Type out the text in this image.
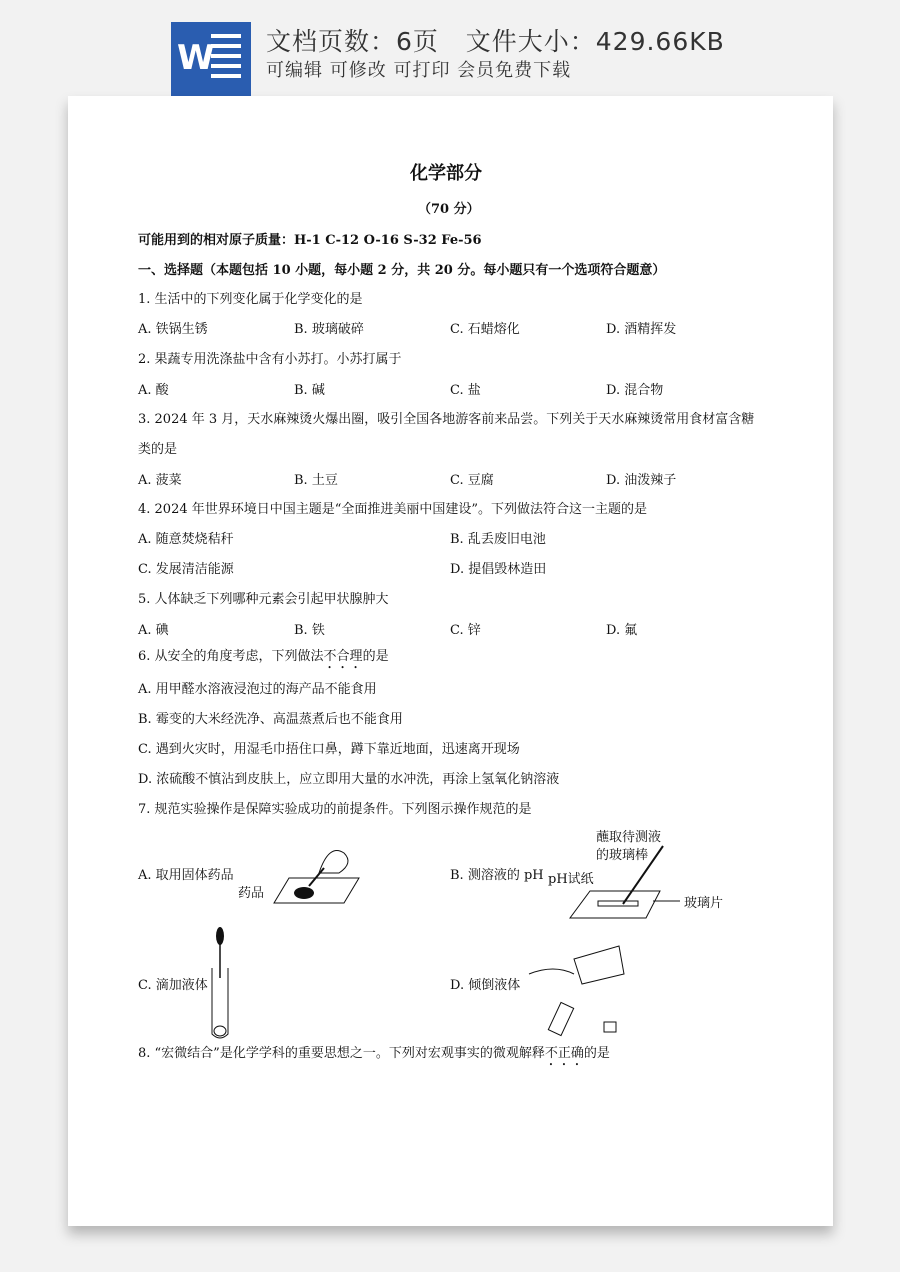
W 文档页数：6页 文件大小：429.66KB
可编辑 可修改 可打印 会员免费下载
化学部分
（70 分）
可能用到的相对原子质量：H-1 C-12 O-16 S-32 Fe-56
一、选择题（本题包括 10 小题，每小题 2 分，共 20 分。每小题只有一个选项符合题意）
1. 生活中的下列变化属于化学变化的是
A. 铁锅生锈	B. 玻璃破碎	C. 石蜡熔化	D. 酒精挥发
2. 果蔬专用洗涤盐中含有小苏打。小苏打属于
A. 酸	B. 碱	C. 盐	D. 混合物
3. 2024 年 3 月，天水麻辣烫火爆出圈，吸引全国各地游客前来品尝。下列关于天水麻辣烫常用食材富含糖
类的是
A. 菠菜	B. 土豆	C. 豆腐	D. 油泼辣子
4. 2024 年世界环境日中国主题是“全面推进美丽中国建设”。下列做法符合这一主题的是
A. 随意焚烧秸秆	B. 乱丢废旧电池
C. 发展清洁能源	D. 提倡毁林造田
5. 人体缺乏下列哪种元素会引起甲状腺肿大
A. 碘	B. 铁	C. 锌	D. 氟
6. 从安全的角度考虑，下列做法不合理的是
A. 用甲醛水溶液浸泡过的海产品不能食用
B. 霉变的大米经洗净、高温蒸煮后也不能食用
C. 遇到火灾时，用湿毛巾捂住口鼻，蹲下靠近地面，迅速离开现场
D. 浓硫酸不慎沾到皮肤上，应立即用大量的水冲洗，再涂上氢氧化钠溶液
7. 规范实验操作是保障实验成功的前提条件。下列图示操作规范的是
A. 取用固体药品
药品
B. 测溶液的 pH
蘸取待测液
的玻璃棒
pH试纸
玻璃片
C. 滴加液体	D. 倾倒液体
8. “宏微结合”是化学学科的重要思想之一。下列对宏观事实的微观解释不正确的是
